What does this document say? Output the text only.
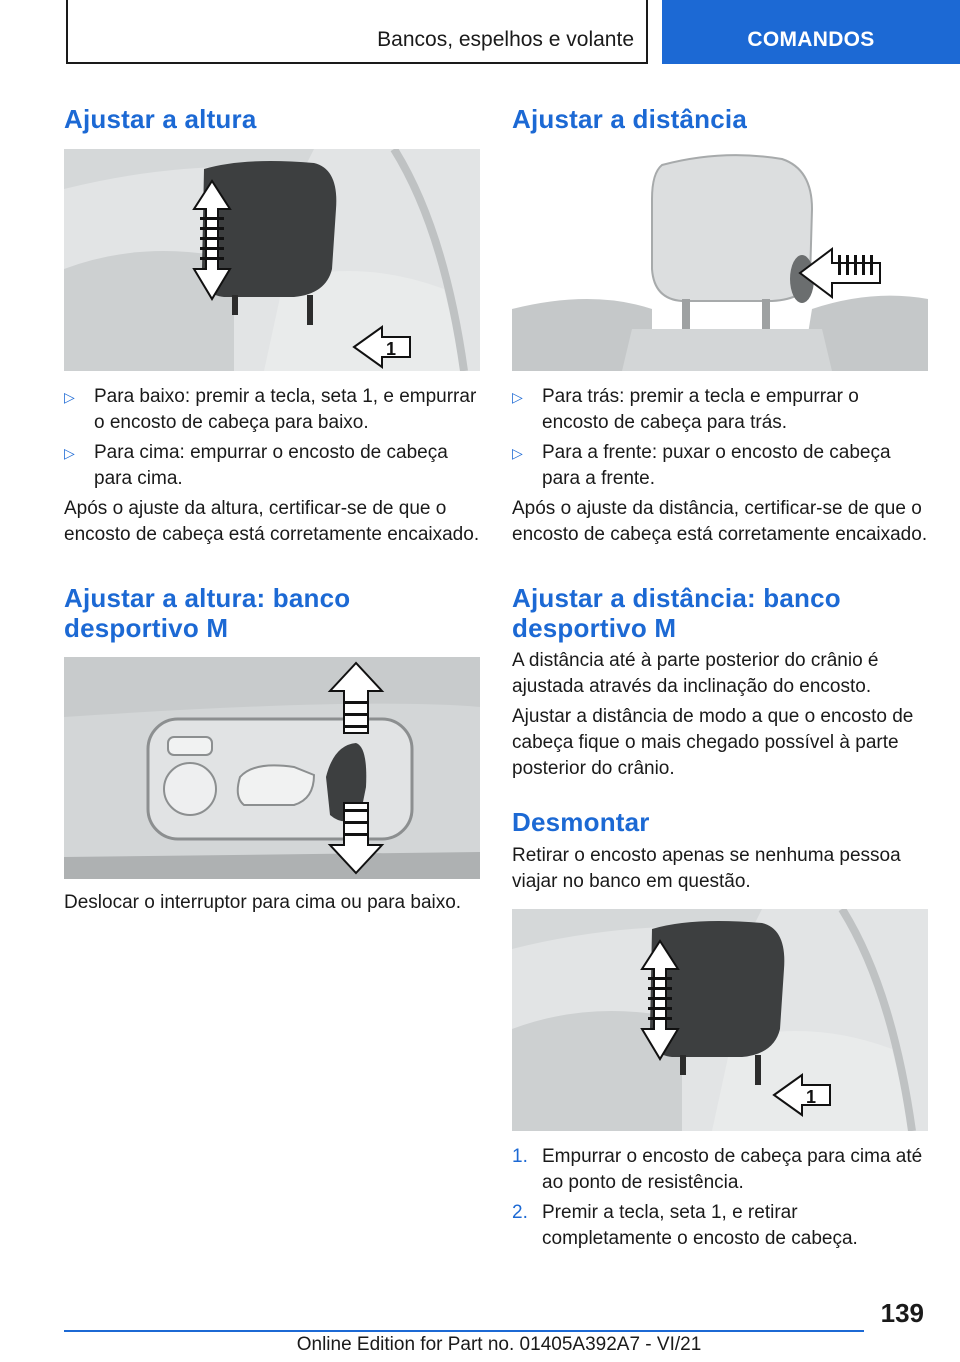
Bancos, espelhos e volante	COMANDOS
Ajustar a altura
1
▷	Para baixo: premir a tecla, seta 1, e empurrar o encosto de cabeça para baixo.
▷	Para cima: empurrar o encosto de cabeça para cima.

Após o ajuste da altura, certificar-se de que o encosto de cabeça está corretamente encaixado.

Ajustar a altura: banco desportivo M

Deslocar o interruptor para cima ou para baixo.

Ajustar a distância
▷	Para trás: premir a tecla e empurrar o encosto de cabeça para trás.
▷	Para a frente: puxar o encosto de cabeça para a frente.

Após o ajuste da distância, certificar-se de que o encosto de cabeça está corretamente encaixado.

Ajustar a distância: banco desportivo M

A distância até à parte posterior do crânio é ajustada através da inclinação do encosto.

Ajustar a distância de modo a que o encosto de cabeça fique o mais chegado possível à parte posterior do crânio.

Desmontar

Retirar o encosto apenas se nenhuma pessoa viajar no banco em questão.

1
1. Empurrar o encosto de cabeça para cima até ao ponto de resistência.
2. Premir a tecla, seta 1, e retirar completamente o encosto de cabeça.
139
Online Edition for Part no. 01405A392A7 - VI/21
